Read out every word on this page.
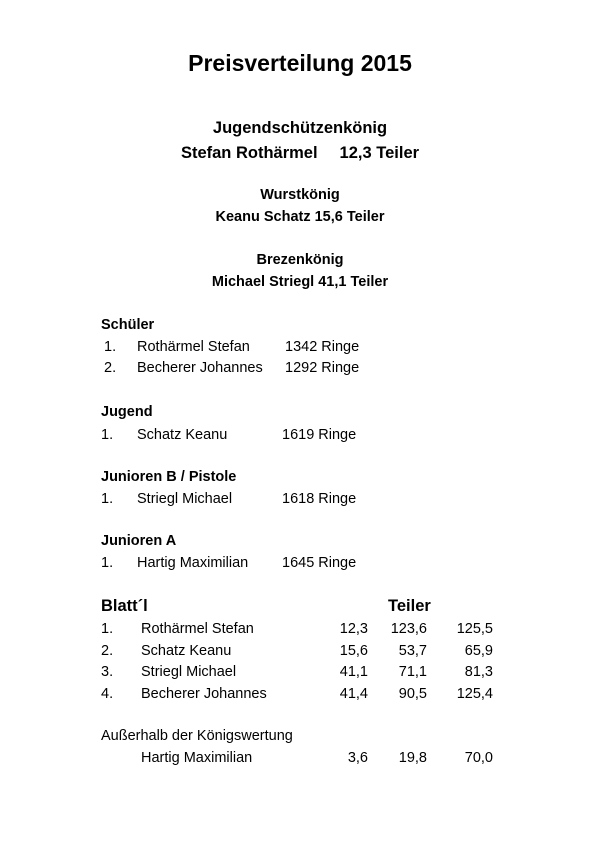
Preisverteilung 2015
Jugendschützenkönig
Stefan Rothärmel 12,3 Teiler
Wurstkönig
Keanu Schatz 15,6 Teiler
Brezenkönig
Michael Striegl 41,1 Teiler
Schüler
1. Rothärmel Stefan 1342 Ringe
2. Becherer Johannes 1292 Ringe
Jugend
1. Schatz Keanu	1619 Ringe
Junioren B / Pistole
1. Striegl Michael	1618 Ringe
Junioren A
1. Hartig Maximilian 1645 Ringe
Blatt´l	Teiler
1. Rothärmel Stefan	12,3	123,6	125,5
2. Schatz Keanu	15,6	53,7	65,9
3. Striegl Michael	41,1	71,1	81,3
4. Becherer Johannes	41,4	90,5	125,4
Außerhalb der Königswertung
Hartig Maximilian	3,6	19,8	70,0
